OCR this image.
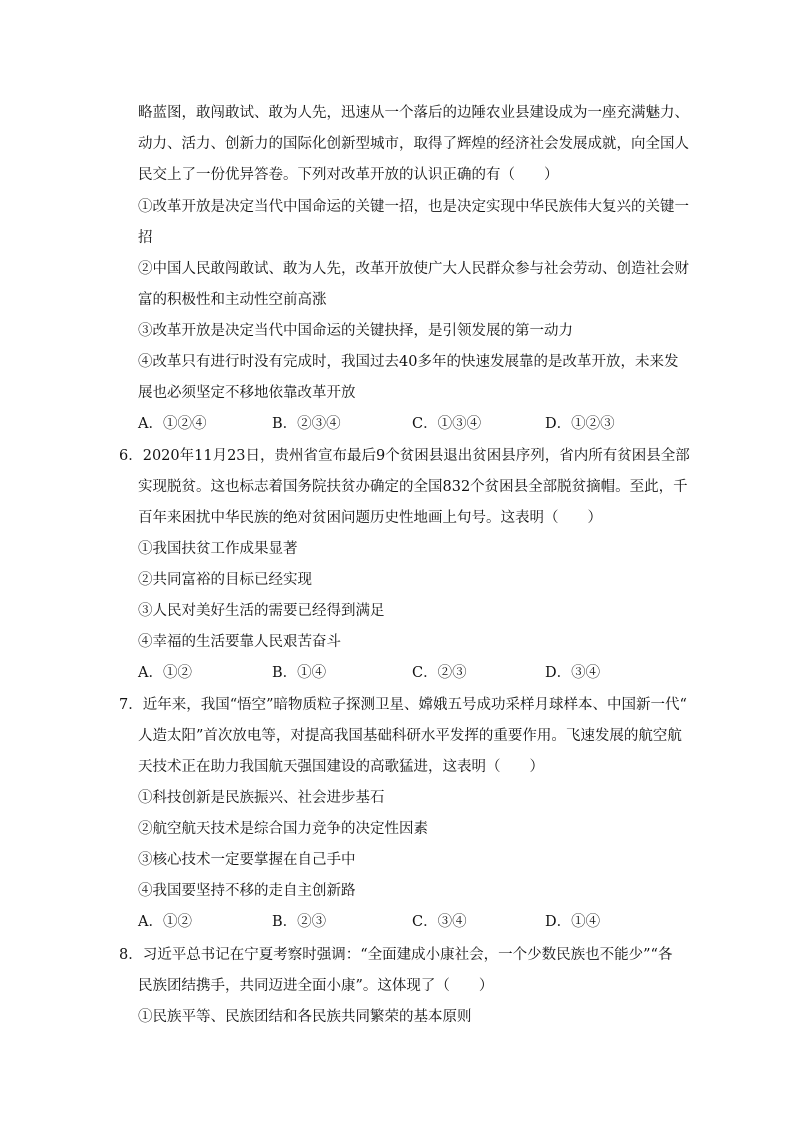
略蓝图，敢闯敢试、敢为人先，迅速从一个落后的边陲农业县建设成为一座充满魅力、
动力、活力、创新力的国际化创新型城市，取得了辉煌的经济社会发展成就，向全国人
民交上了一份优异答卷。下列对改革开放的认识正确的有（　　）
①改革开放是决定当代中国命运的关键一招，也是决定实现中华民族伟大复兴的关键一
招
②中国人民敢闯敢试、敢为人先，改革开放使广大人民群众参与社会劳动、创造社会财
富的积极性和主动性空前高涨
③改革开放是决定当代中国命运的关键抉择，是引领发展的第一动力
④改革只有进行时没有完成时，我国过去40多年的快速发展靠的是改革开放，未来发
展也必须坚定不移地依靠改革开放
A．①②④	B．②③④	C．①③④	D．①②③
6．2020年11月23日，贵州省宣布最后9个贫困县退出贫困县序列，省内所有贫困县全部
实现脱贫。这也标志着国务院扶贫办确定的全国832个贫困县全部脱贫摘帽。至此，千
百年来困扰中华民族的绝对贫困问题历史性地画上句号。这表明（　　）
①我国扶贫工作成果显著
②共同富裕的目标已经实现
③人民对美好生活的需要已经得到满足
④幸福的生活要靠人民艰苦奋斗
A．①②	B．①④	C．②③	D．③④
7．近年来，我国“悟空”暗物质粒子探测卫星、嫦娥五号成功采样月球样本、中国新一代“
人造太阳”首次放电等，对提高我国基础科研水平发挥的重要作用。飞速发展的航空航
天技术正在助力我国航天强国建设的高歌猛进，这表明（　　）
①科技创新是民族振兴、社会进步基石
②航空航天技术是综合国力竞争的决定性因素
③核心技术一定要掌握在自己手中
④我国要坚持不移的走自主创新路
A．①②	B．②③	C．③④	D．①④
8．习近平总书记在宁夏考察时强调：“全面建成小康社会，一个少数民族也不能少”“各
民族团结携手，共同迈进全面小康”。这体现了（　　）
①民族平等、民族团结和各民族共同繁荣的基本原则
